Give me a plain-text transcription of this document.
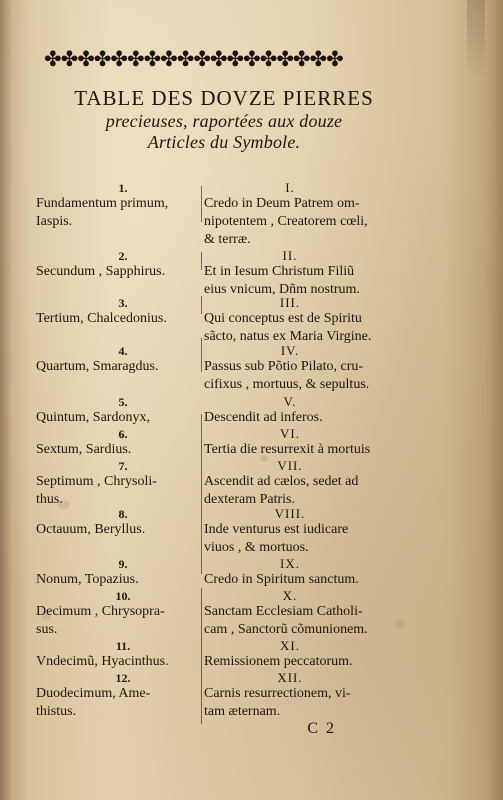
✤✤✤✤✤✤✤✤✤✤✤✤✤✤✤✤✤✤
TABLE DES DOVZE PIERRES
precieuses, raportées aux douze
Articles du Symbole.
1.
Fundamentum primum,
Iaspis.
I.
Credo in Deum Patrem om-
nipotentem , Creatorem cœli,
& terræ.
2.
Secundum , Sapphirus.
II.
Et in Iesum Christum Filiũ
eius vnicum, Dñm nostrum.
3.
Tertium, Chalcedonius.
III.
Qui conceptus est de Spiritu
sãcto, natus ex Maria Virgine.
4.
Quartum, Smaragdus.
IV.
Passus sub Põtio Pilato, cru-
cifixus , mortuus, & sepultus.
5.
Quintum, Sardonyx,
V.
Descendit ad inferos.
6.
Sextum, Sardius.
VI.
Tertia die resurrexit à mortuis
7.
Septimum , Chrysoli-
thus.
VII.
Ascendit ad cælos, sedet ad
dexteram Patris.
8.
Octauum, Beryllus.
VIII.
Inde venturus est iudicare
viuos , & mortuos.
9.
Nonum, Topazius.
IX.
Credo in Spiritum sanctum.
10.
Decimum , Chrysopra-
sus.
X.
Sanctam Ecclesiam Catholi-
cam , Sanctorũ cõmunionem.
11.
Vndecimũ, Hyacinthus.
XI.
Remissionem peccatorum.
12.
Duodecimum, Ame-
thistus.
XII.
Carnis resurrectionem, vi-
tam æternam.
C 2
